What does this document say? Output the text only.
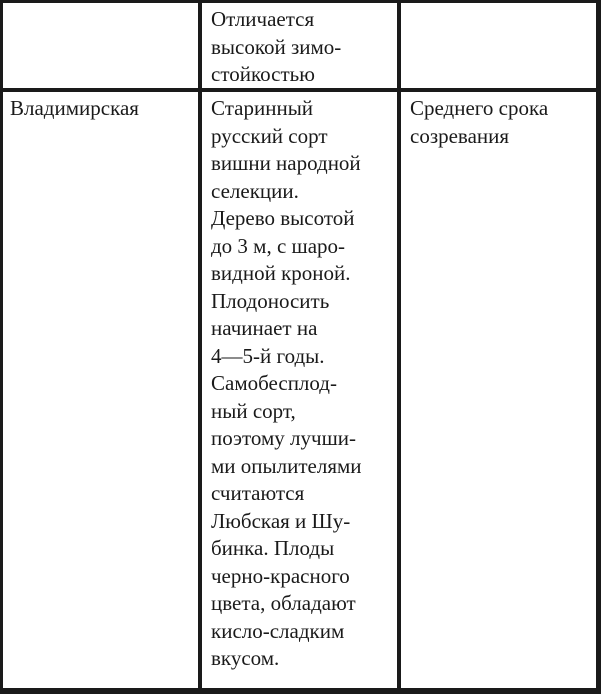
Отличается
высокой зимо-
стойкостью
Владимирская	Старинный
русский сорт
вишни народной
селекции.
Дерево высотой
до 3 м, с шаро-
видной кроной.
Плодоносить
начинает на
4—5-й годы.
Самобесплод-
ный сорт,
поэтому лучши-
ми опылителями
считаются
Любская и Шу-
бинка. Плоды
черно-красного
цвета, обладают
кисло-сладким
вкусом.
Среднего срока
созревания
